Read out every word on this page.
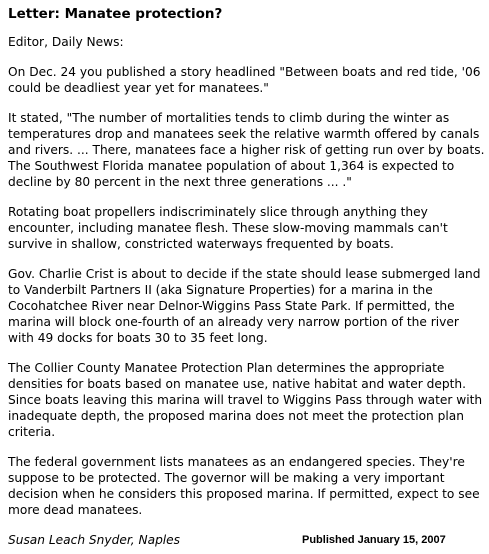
Letter: Manatee protection?

Editor, Daily News:

On Dec. 24 you published a story headlined "Between boats and red tide, '06
could be deadliest year yet for manatees."

It stated, "The number of mortalities tends to climb during the winter as
temperatures drop and manatees seek the relative warmth offered by canals
and rivers. ... There, manatees face a higher risk of getting run over by boats.
The Southwest Florida manatee population of about 1,364 is expected to
decline by 80 percent in the next three generations ... ."

Rotating boat propellers indiscriminately slice through anything they
encounter, including manatee flesh. These slow-moving mammals can't
survive in shallow, constricted waterways frequented by boats.

Gov. Charlie Crist is about to decide if the state should lease submerged land
to Vanderbilt Partners II (aka Signature Properties) for a marina in the
Cocohatchee River near Delnor-Wiggins Pass State Park. If permitted, the
marina will block one-fourth of an already very narrow portion of the river
with 49 docks for boats 30 to 35 feet long.

The Collier County Manatee Protection Plan determines the appropriate
densities for boats based on manatee use, native habitat and water depth.
Since boats leaving this marina will travel to Wiggins Pass through water with
inadequate depth, the proposed marina does not meet the protection plan
criteria.

The federal government lists manatees as an endangered species. They're
suppose to be protected. The governor will be making a very important
decision when he considers this proposed marina. If permitted, expect to see
more dead manatees.

Susan Leach Snyder, Naples	Published January 15, 2007
